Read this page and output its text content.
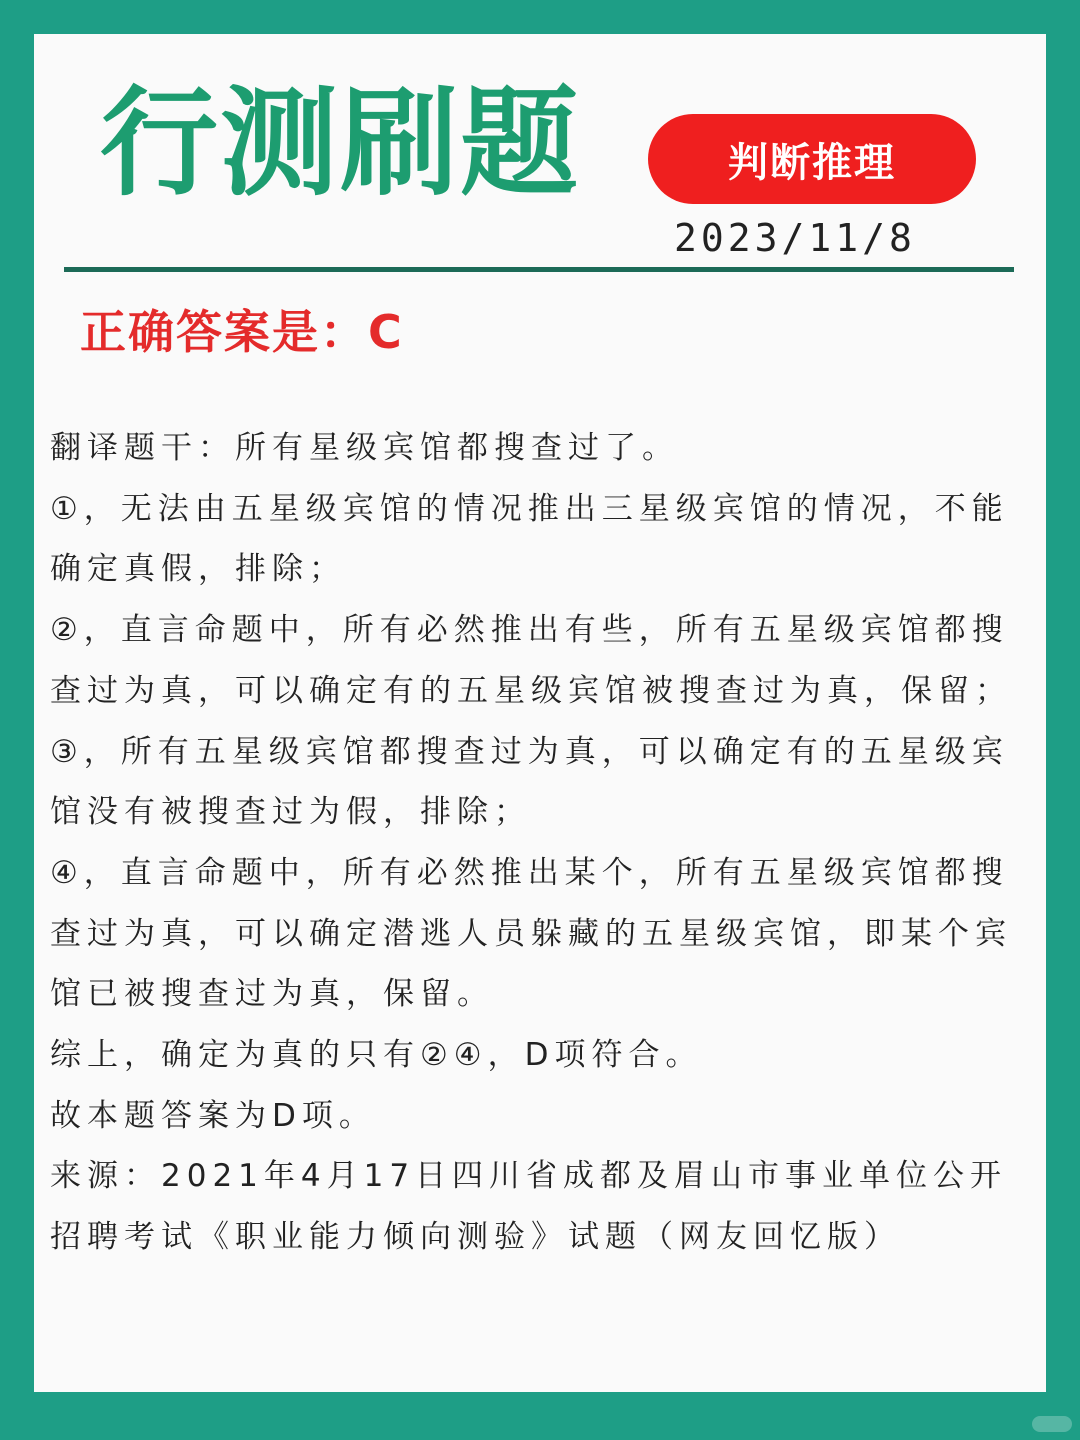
行测刷题	判断推理
2023/11/8
正确答案是：C

翻译题干：所有星级宾馆都搜查过了。

①，无法由五星级宾馆的情况推出三星级宾馆的情况，不能确定真假，排除；

②，直言命题中，所有必然推出有些，所有五星级宾馆都搜查过为真，可以确定有的五星级宾馆被搜查过为真，保留；

③，所有五星级宾馆都搜查过为真，可以确定有的五星级宾馆没有被搜查过为假，排除；

④，直言命题中，所有必然推出某个，所有五星级宾馆都搜查过为真，可以确定潜逃人员躲藏的五星级宾馆，即某个宾馆已被搜查过为真，保留。

综上，确定为真的只有②④，D项符合。

故本题答案为D项。

来源：2021年4月17日四川省成都及眉山市事业单位公开招聘考试《职业能力倾向测验》试题（网友回忆版）
